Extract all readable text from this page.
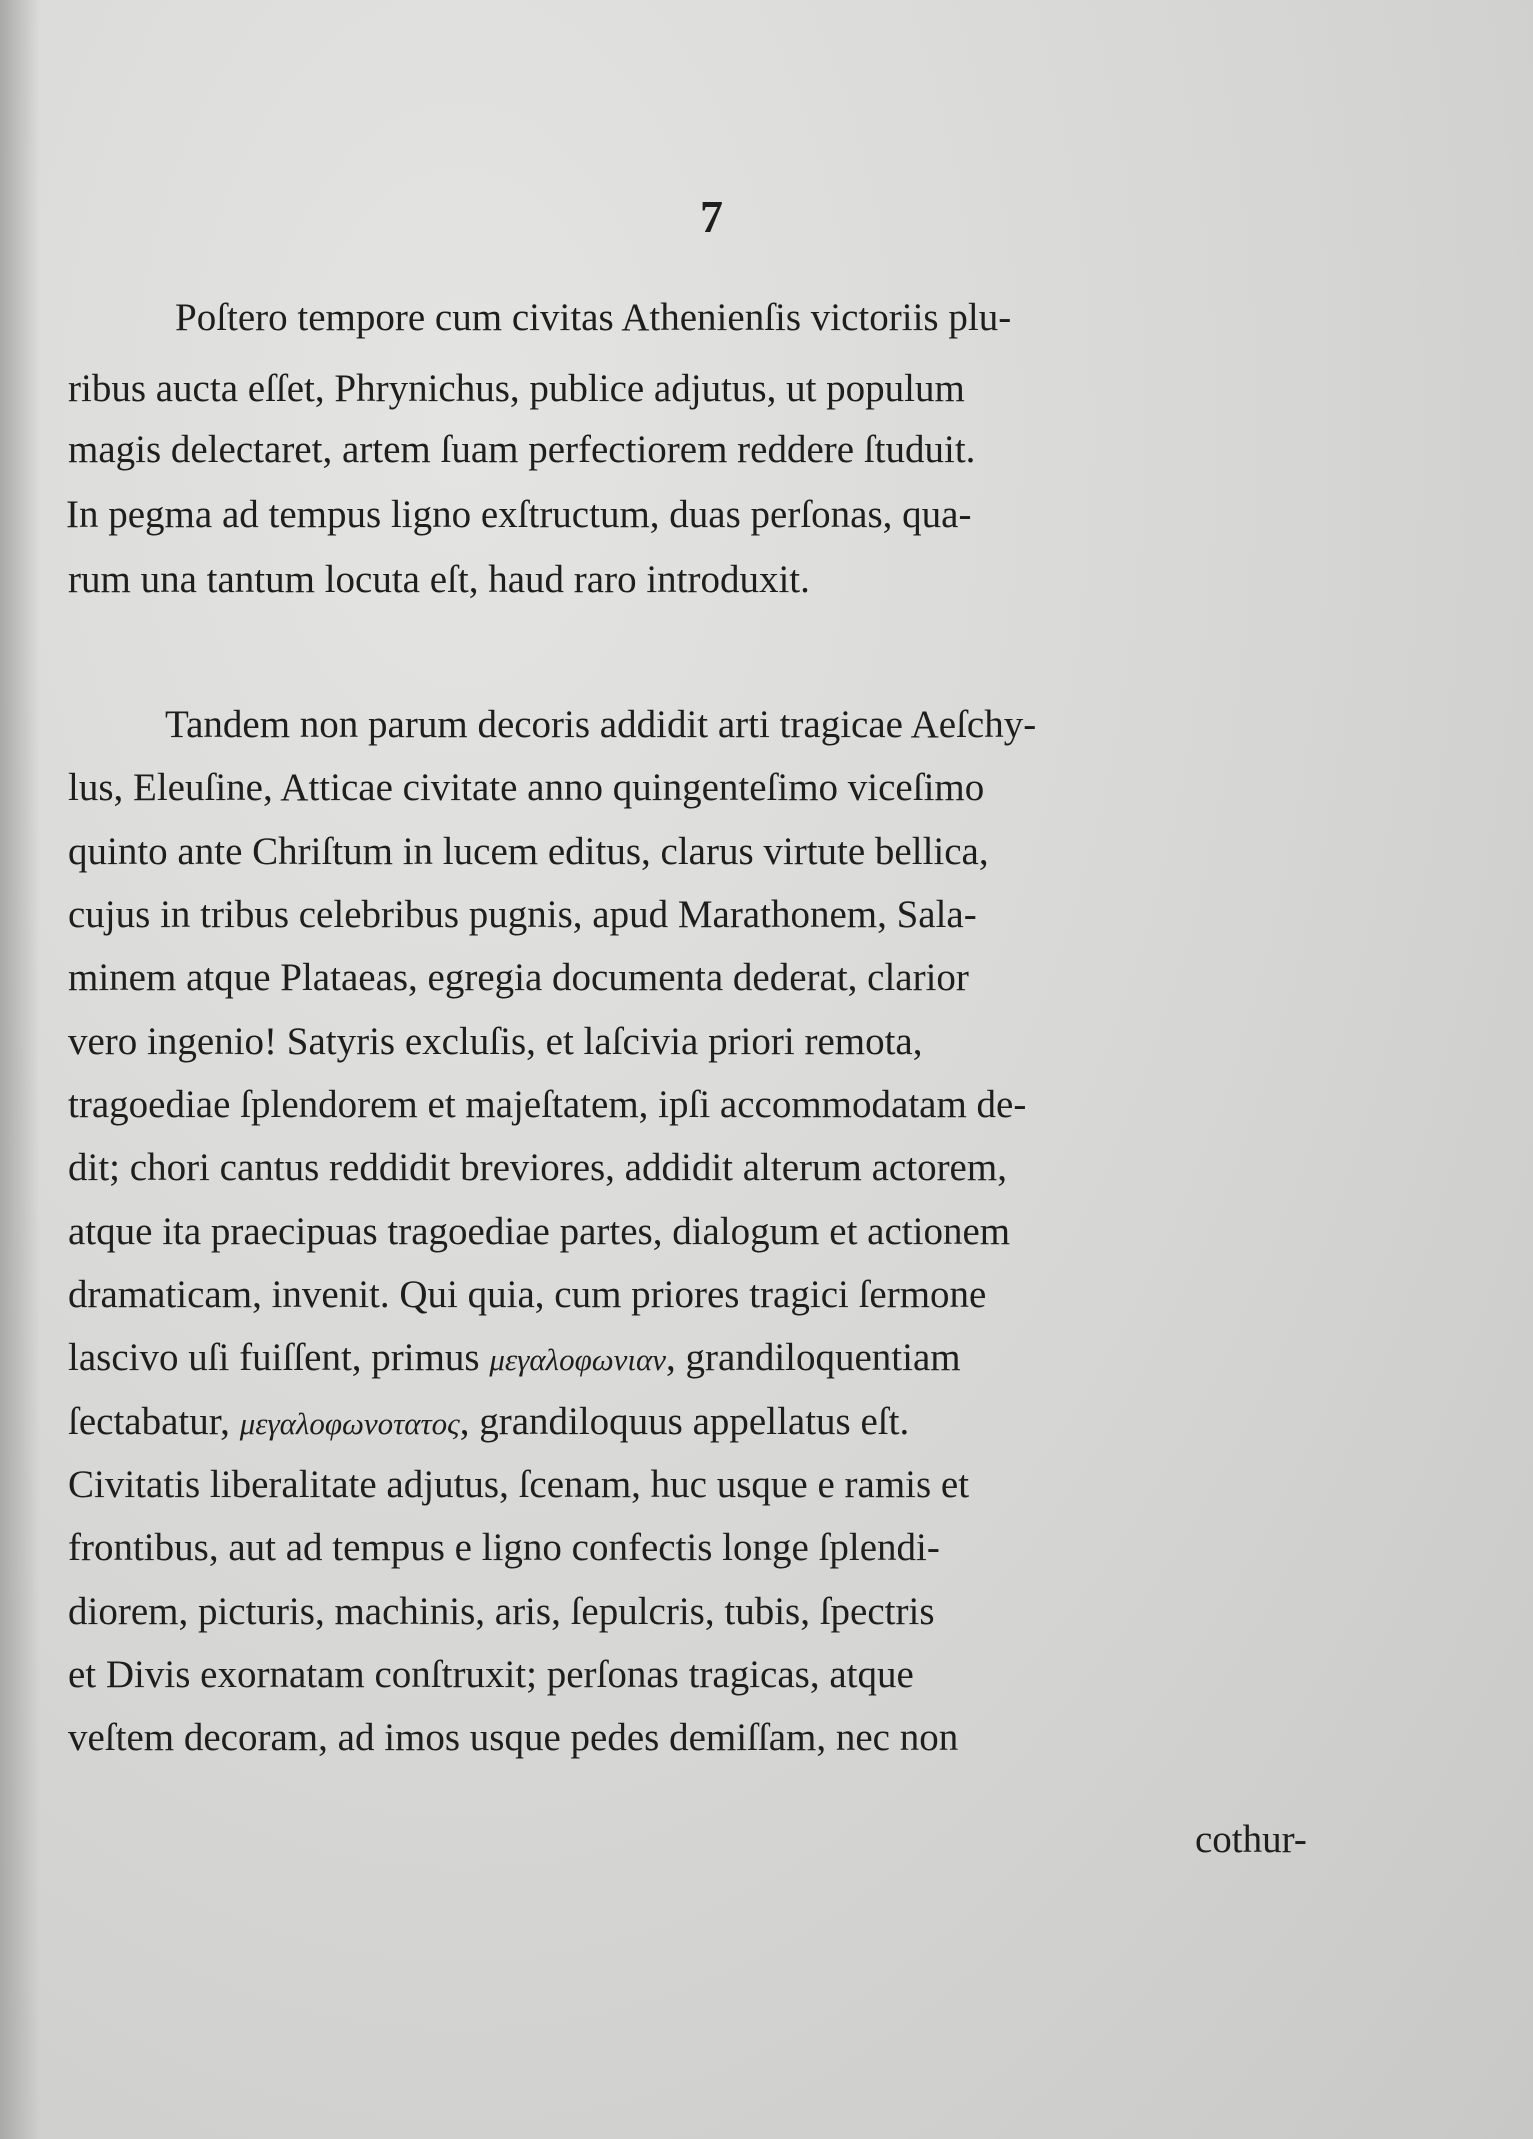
7
Poſtero tempore cum civitas Athenienſis victoriis plu-
ribus aucta eſſet, Phrynichus, publice adjutus, ut populum
magis delectaret, artem ſuam perfectiorem reddere ſtuduit.
In pegma ad tempus ligno exſtructum, duas perſonas, qua-
rum una tantum locuta eſt, haud raro introduxit.
Tandem non parum decoris addidit arti tragicae Aeſchy-
lus, Eleuſine, Atticae civitate anno quingenteſimo viceſimo
quinto ante Chriſtum in lucem editus, clarus virtute bellica,
cujus in tribus celebribus pugnis, apud Marathonem, Sala-
minem atque Plataeas, egregia documenta dederat, clarior
vero ingenio! Satyris excluſis, et laſcivia priori remota,
tragoediae ſplendorem et majeſtatem, ipſi accommodatam de-
dit; chori cantus reddidit breviores, addidit alterum actorem,
atque ita praecipuas tragoediae partes, dialogum et actionem
dramaticam, invenit. Qui quia, cum priores tragici ſermone
lascivo uſi fuiſſent, primus μεγαλοφωνιαν, grandiloquentiam
ſectabatur, μεγαλοφωνοτατος, grandiloquus appellatus eſt.
Civitatis liberalitate adjutus, ſcenam, huc usque e ramis et
frontibus, aut ad tempus e ligno confectis longe ſplendi-
diorem, picturis, machinis, aris, ſepulcris, tubis, ſpectris
et Divis exornatam conſtruxit; perſonas tragicas, atque
veſtem decoram, ad imos usque pedes demiſſam, nec non
cothur-
